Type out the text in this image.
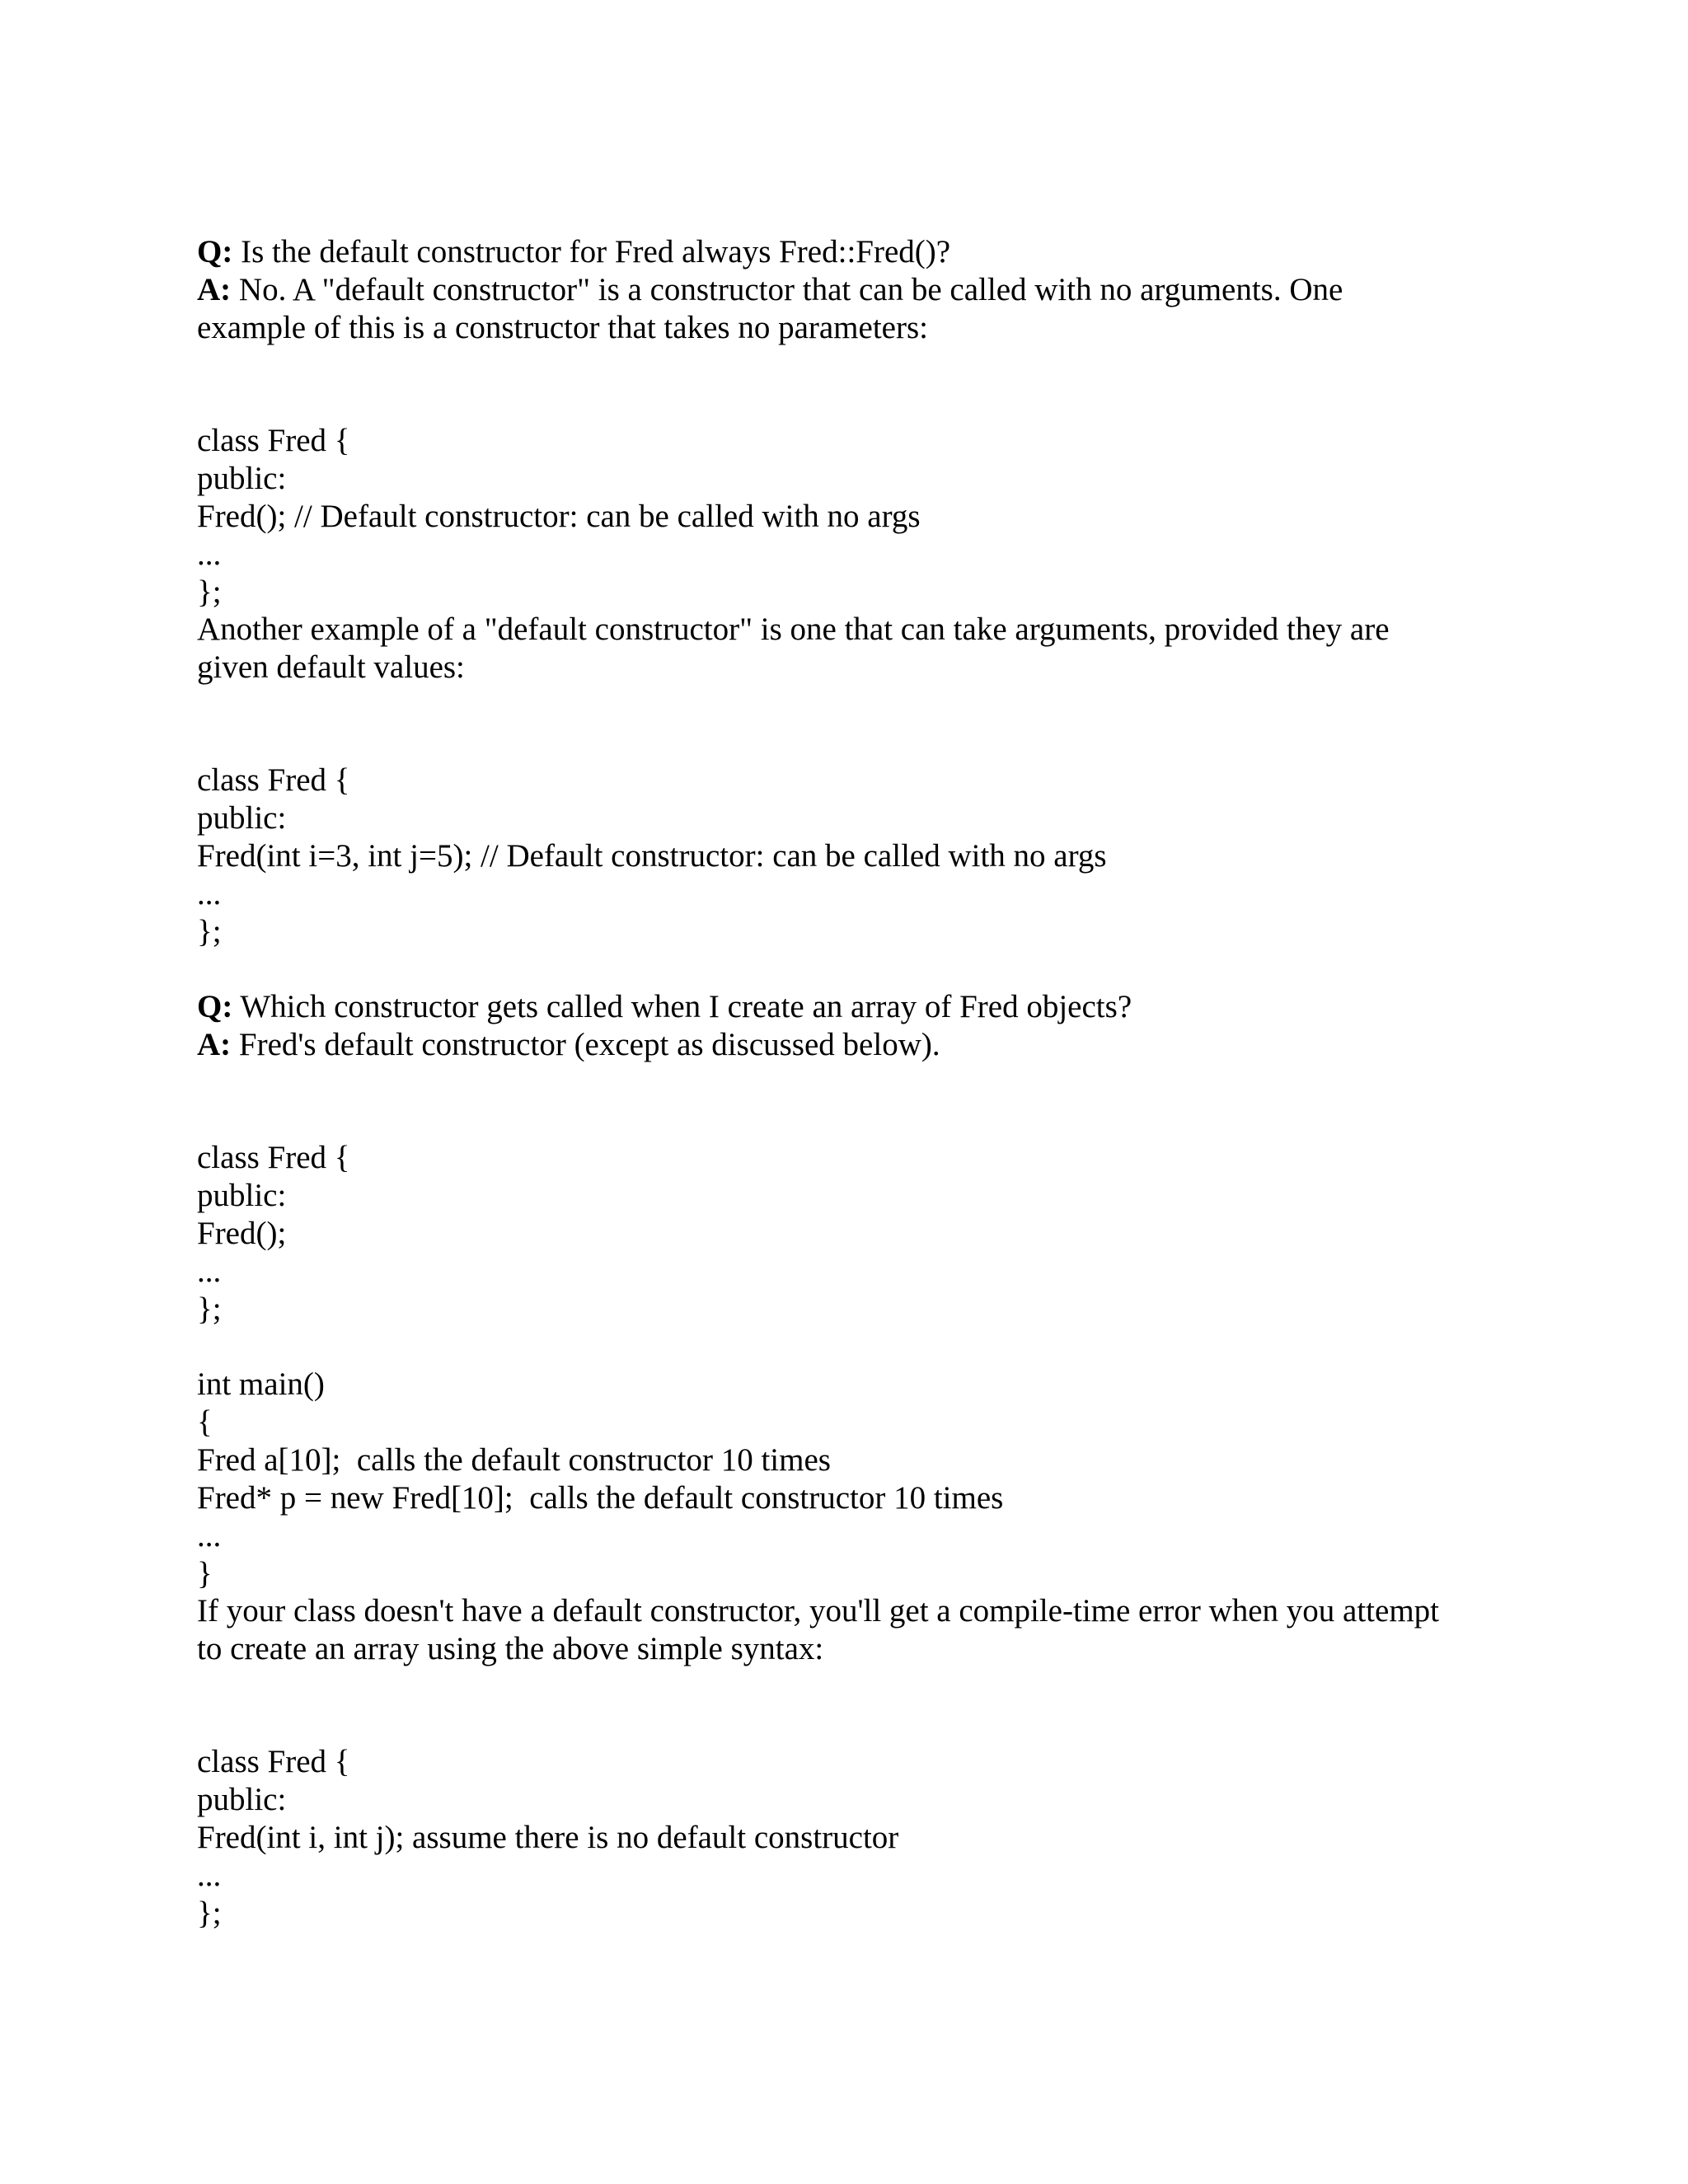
Q: Is the default constructor for Fred always Fred::Fred()?
A: No. A "default constructor" is a constructor that can be called with no arguments. One
example of this is a constructor that takes no parameters:
class Fred {
public:
Fred(); // Default constructor: can be called with no args
...
};
Another example of a "default constructor" is one that can take arguments, provided they are
given default values:
class Fred {
public:
Fred(int i=3, int j=5); // Default constructor: can be called with no args
...
};
Q: Which constructor gets called when I create an array of Fred objects?
A: Fred's default constructor (except as discussed below).
class Fred {
public:
Fred();
...
};
int main()
{
Fred a[10];  calls the default constructor 10 times
Fred* p = new Fred[10];  calls the default constructor 10 times
...
}
If your class doesn't have a default constructor, you'll get a compile-time error when you attempt
to create an array using the above simple syntax:
class Fred {
public:
Fred(int i, int j); assume there is no default constructor
...
};
